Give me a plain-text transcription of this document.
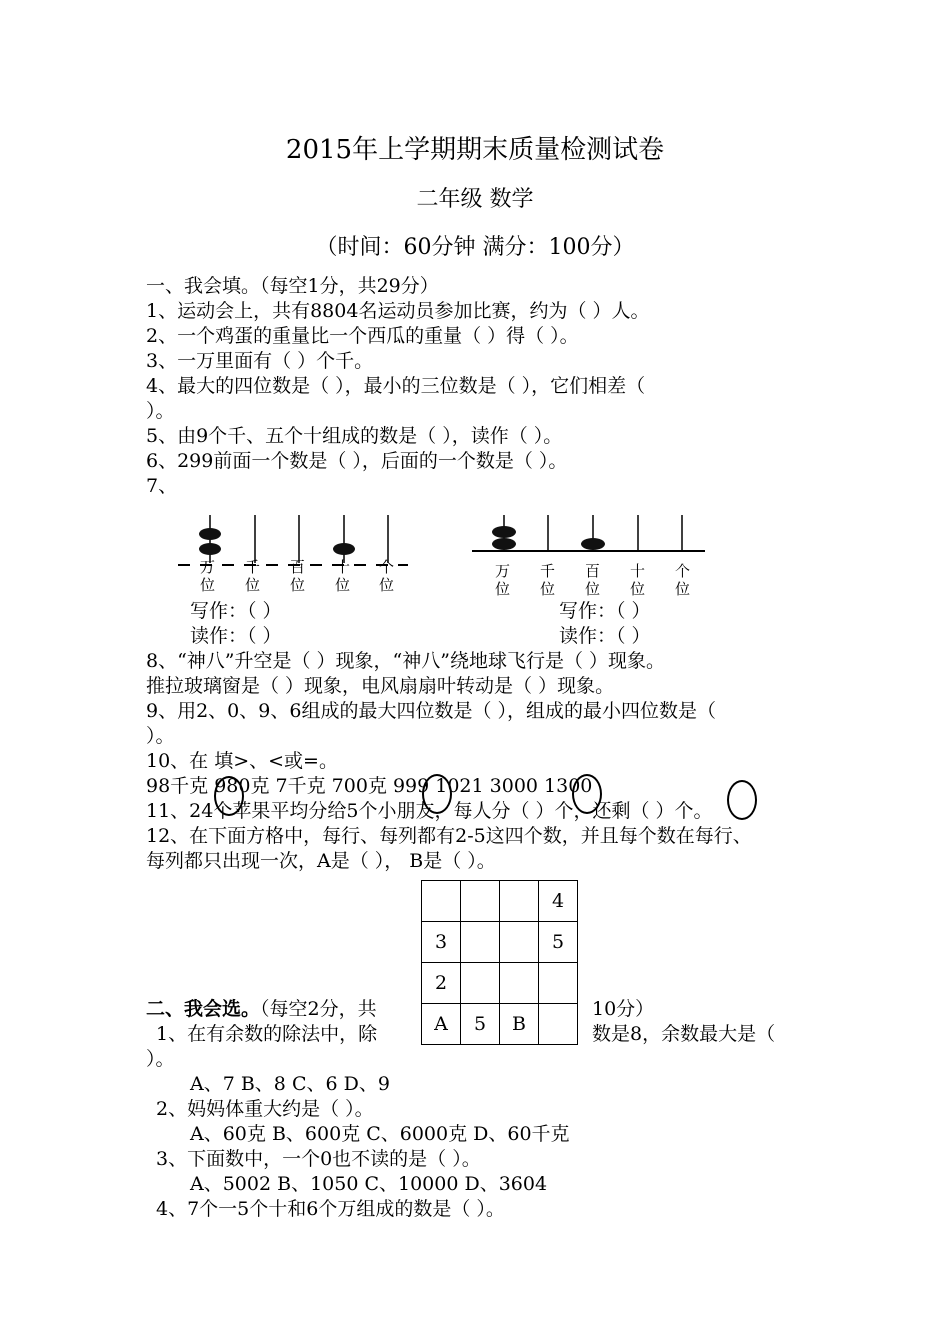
2015年上学期期末质量检测试卷
二年级 数学
（时间：60分钟 满分：100分）
一、我会填。（每空1分，共29分）
1、运动会上，共有8804名运动员参加比赛，约为（ ）人。
2、一个鸡蛋的重量比一个西瓜的重量（ ）得（ ）。
3、一万里面有（ ）个千。
4、最大的四位数是（ ），最小的三位数是（ ），它们相差（
）。
5、由9个千、五个十组成的数是（ ），读作（ ）。
6、299前面一个数是（ ），后面的一个数是（ ）。
7、
万位
千位
百位
十位
个位
万位
千位
百位
十位
个位
写作：（ ）	写作：（ ）
读作：（ ）	读作：（ ）
8、“神八”升空是（ ）现象，“神八”绕地球飞行是（ ）现象。
推拉玻璃窗是（ ）现象，电风扇扇叶转动是（ ）现象。
9、用2、0、9、6组成的最大四位数是（ ），组成的最小四位数是（
）。
10、在 填>、<或=。
98千克 980克 7千克 700克 999 1021 3000 1300
11、24个苹果平均分给5个小朋友，每人分（ ）个，还剩（ ）个。
12、在下面方格中，每行、每列都有2-5这四个数，并且每个数在每行、
每列都只出现一次，A是（ ）， B是（ ）。
			4
3			5
2			
A	5	B	
二、我会选。（每空2分，共	10分）
1、在有余数的除法中，除	数是8，余数最大是（
）。
A、7 B、8 C、6 D、9
2、妈妈体重大约是（ ）。
A、60克 B、600克 C、6000克 D、60千克
3、下面数中，一个0也不读的是（ ）。
A、5002 B、1050 C、10000 D、3604
4、7个一5个十和6个万组成的数是（ ）。
